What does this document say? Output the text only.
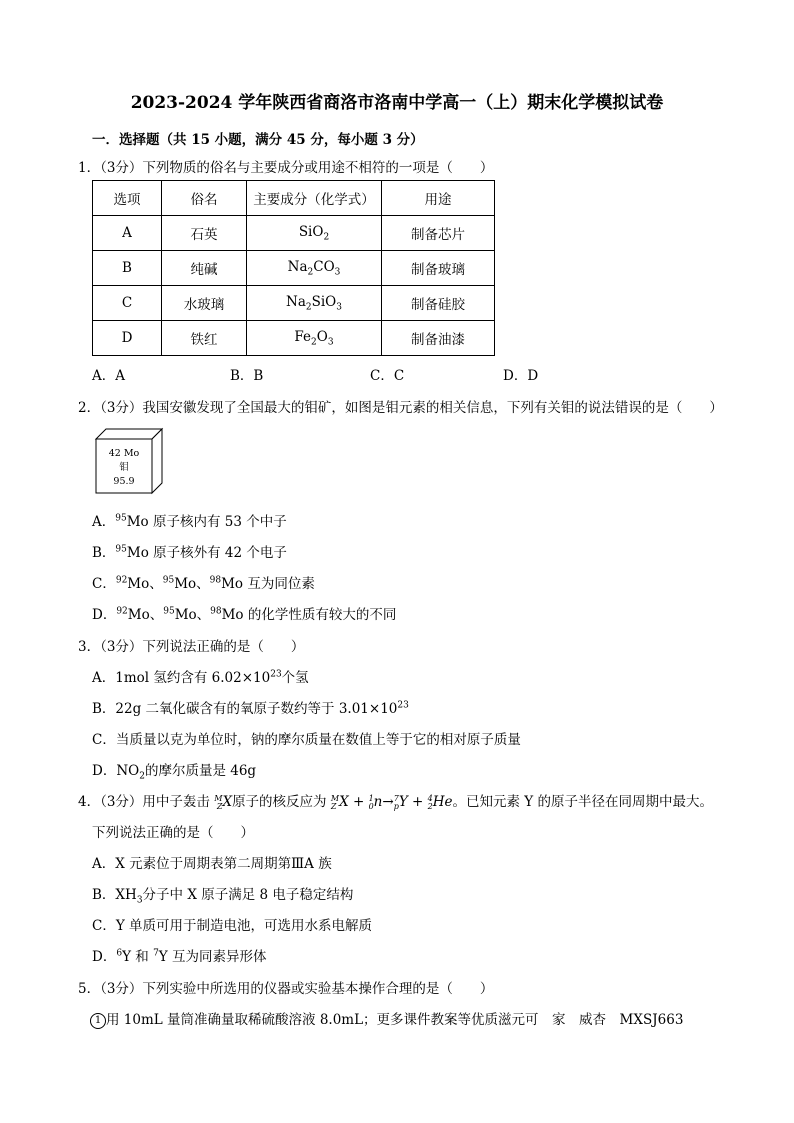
2023-2024 学年陕西省商洛市洛南中学高一（上）期末化学模拟试卷
一．选择题（共 15 小题，满分 45 分，每小题 3 分）
1．（3分）下列物质的俗名与主要成分或用途不相符的一项是（　　）
选项	俗名	主要成分（化学式）	用途
A	石英	SiO$_2$	制备芯片
B	纯碱	$Na_2CO_3$	制备玻璃
C	水玻璃	$Na_2SiO_3$	制备硅胶
D	铁红	$Fe_2O_3$	制备油漆
A．A	B．B	C．C	D．D
2．（3分）我国安徽发现了全国最大的钼矿，如图是钼元素的相关信息，下列有关钼的说法错误的是（　　）
42 Mo
钼
95.9
A．$^{95}$Mo 原子核内有 53 个中子
B．$^{95}$Mo 原子核外有 42 个电子
C．$^{92}$Mo、$^{95}$Mo、$^{98}$Mo 互为同位素
D．$^{92}$Mo、$^{95}$Mo、$^{98}$Mo 的化学性质有较大的不同
3．（3分）下列说法正确的是（　　）
A．1mol 氢约含有 $6.02\times 10^{23}$个氢
B．22g 二氧化碳含有的氧原子数约等于 $3.01\times 10^{23}$
C．当质量以克为单位时，钠的摩尔质量在数值上等于它的相对原子质量
D．$NO_2$的摩尔质量是 46g
4．（3分）用中子轰击 M
Z X原子的核反应为 M
Z X + 1
0 n→ 7
p Y + 4
2 He。已知元素 Y 的原子半径在同周期中最大。
下列说法正确的是（　　）
A．X 元素位于周期表第二周期第ⅢA 族
B．$XH_3$分子中 X 原子满足 8 电子稳定结构
C．Y 单质可用于制造电池，可选用水系电解质
D．$^6$Y 和 $^7$Y 互为同素异形体
5．（3分）下列实验中所选用的仪器或实验基本操作合理的是（　　）
1 用 10mL 量筒准确量取稀硫酸溶液 8.0mL；更多课件教案等优质滋元可　家　威杏　MXSJ663
